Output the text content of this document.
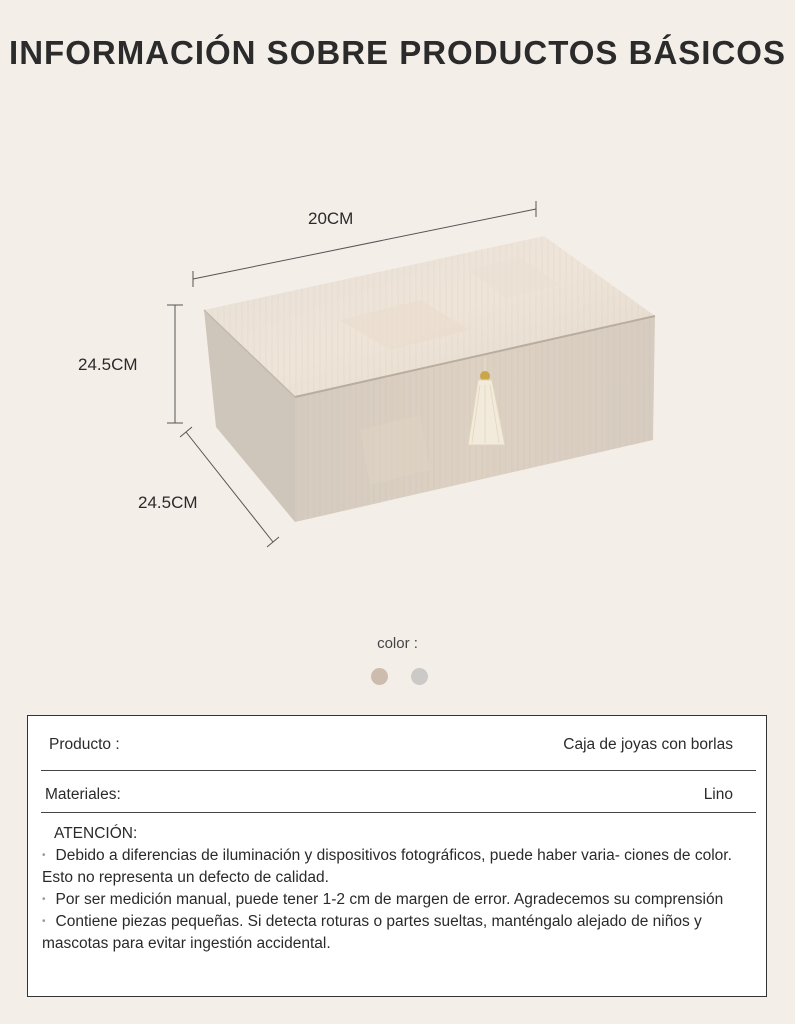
INFORMACIÓN SOBRE PRODUCTOS BÁSICOS
20CM
24.5CM
24.5CM
color :
Producto :	Caja de joyas con borlas
Materiales:	Lino
ATENCIÓN:
• Debido a diferencias de iluminación y dispositivos fotográficos, puede haber varia- ciones de color. Esto no representa un defecto de calidad.
• Por ser medición manual, puede tener 1-2 cm de margen de error. Agradecemos su comprensión
• Contiene piezas pequeñas. Si detecta roturas o partes sueltas, manténgalo alejado de niños y mascotas para evitar ingestión accidental.
